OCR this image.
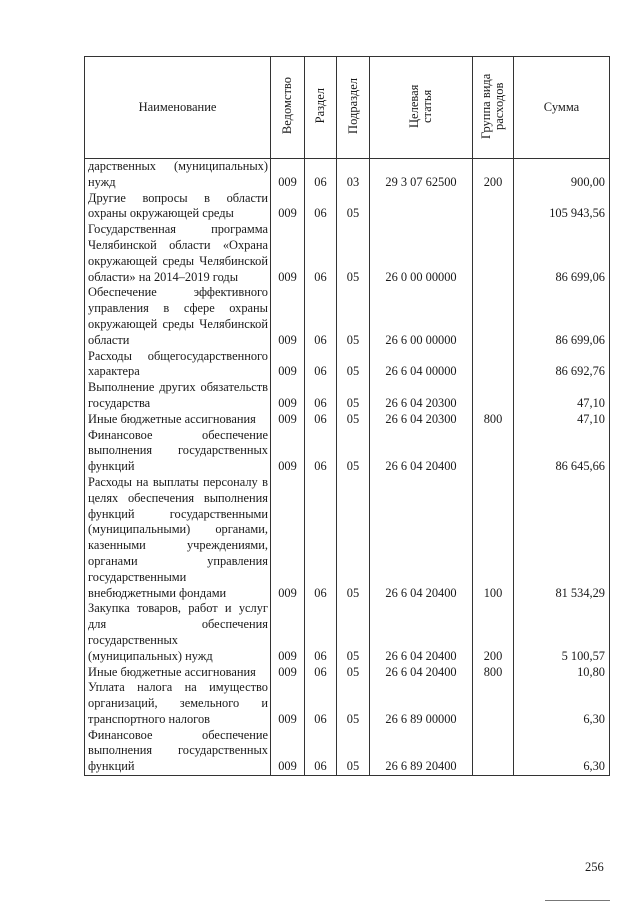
Наименование	Ведомство	Раздел	Подраздел	Целевая статья	Группа вида расходов	Сумма
дарственных (муниципальных) нужд	009	06	03	29 3 07 62500	200	900,00
Другие вопросы в области охраны окружающей среды	009	06	05			105 943,56
Государственная программа Челябинской области «Охрана окружающей среды Челябинской области» на 2014–2019 годы	009	06	05	26 0 00 00000		86 699,06
Обеспечение эффективного управления в сфере охраны окружающей среды Челябинской области	009	06	05	26 6 00 00000		86 699,06
Расходы общегосударственного характера	009	06	05	26 6 04 00000		86 692,76
Выполнение других обязательств государства	009	06	05	26 6 04 20300		47,10
Иные бюджетные ассигнования	009	06	05	26 6 04 20300	800	47,10
Финансовое обеспечение выполнения государственных функций	009	06	05	26 6 04 20400		86 645,66
Расходы на выплаты персоналу в целях обеспечения выполнения функций государственными (муниципальными) органами, казенными учреждениями, органами управления государственными внебюджетными фондами	009	06	05	26 6 04 20400	100	81 534,29
Закупка товаров, работ и услуг для обеспечения государственных (муниципальных) нужд	009	06	05	26 6 04 20400	200	5 100,57
Иные бюджетные ассигнования	009	06	05	26 6 04 20400	800	10,80
Уплата налога на имущество организаций, земельного и транспортного налогов	009	06	05	26 6 89 00000		6,30
Финансовое обеспечение выполнения государственных функций	009	06	05	26 6 89 20400		6,30
256
